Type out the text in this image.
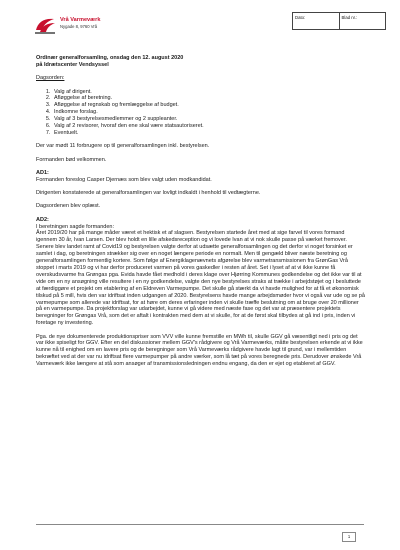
Vrå Varmeværk
Nygade 8, 9760 Vrå
Dato:	Blad nr.:
Ordinær generalforsamling, onsdag den 12. august 2020
på Idrætscenter Vendsyssel
Dagsorden:
1. Valg af dirigent.
2. Afløggelse af beretning.
3. Afløggelse af regnskab og fremlæggelse af budget.
4. Indkomne forslag.
5. Valg af 3 bestyrelsesmedlemmer og 2 suppleanter.
6. Valg af 2 revisorer, hvoraf den ene skal være statsautoriseret.
7. Eventuelt.

Der var mødt 11 forbrugere op til generalforsamlingen inkl. bestyrelsen.

Formanden bød velkommen.

AD1:

Formanden foreslog Casper Djernæs som blev valgt uden modkandidat.

Dirigenten konstaterede at generalforsamlingen var lovligt indkaldt i henhold til vedtægterne.

Dagsordenen blev oplæst.

AD2:

I beretningen sagde formanden:

Året 2019/20 har på mange måder været et hektisk et af slagsen. Bestyrelsen startede året med at sige farvel til vores formand igennem 30 år, Ivan Larsen. Der blev holdt en lille afskedsreception og vi lovede Ivan at vi nok skulle passe på værket fremover. Senere blev landet ramt af Covid19 og bestyrelsen valgte derfor at udsætte generalforsamlingen og det derfor vi noget forsinket er samlet i dag, og beretningen strækker sig over en noget længere periode en normalt. Men til gengæld bliver næste beretning og generalforsamlingen formentlig kortere. Som følge af Energiklagenævnets afgørelse blev varmetransmissionen fra GrønGas Vrå stoppet i marts 2019 og vi har derfor produceret varmen på vores gaskedler i resten af året. Set i lyset af at vi ikke kunne få overskudsvarme fra Grøngas pga. Evida havde fået medhold i deres klage over Hjørring Kommunes godkendelse og det ikke var til at vide om en ny ansøgning ville resultere i en ny godkendelse, valgte den nye bestyrelses straks at trække i arbejdstøjet og i besluttede at færdiggøre et projekt om etablering af en Eldreven Varmepumpe. Det skulle gå stærkt da vi havde mulighed for at få et økonomisk tilskud på 5 mill, hvis den var idriftsat inden udgangen af 2020. Bestyrelsens havde mange arbejdsmøder hvor vi også var ude og se på varmepumpe som allerede var idriftsat, for at høre om deres erfaringer inden vi skulle træffe beslutning om at bruge over 20 millioner på en varmepumpe. Da projektforslag var udarbejdet, kunne vi gå videre med næste fase og det var at præsentere projektets beregninger for Grøngas Vrå, som det er aftalt i kontrakten med dem at vi skulle, for at de først skal tilbydes at gå ind i pris, inden vi foretage ny investering.

Pga. de nye dokumenterede produktionspriser som VVV ville kunne fremstille en MWh til, skulle GGV gå væsentligt ned i pris og det var ikke spiseligt for GGV. Efter en del diskussioner mellem GGV's rådgivere og Vrå Varmeværks, måtte bestyrelsen erkende at vi ikke kunne nå til enighed om en lavere pris og de beregninger som Vrå Varmeværks rådgivere havde lagt til grund, var i mellemtiden bekræftet ved at der var nu idriftsat flere varmepumper på andre værker, som lå tæt på vores beregnede pris. Derudover ønskede Vrå Varmeværk ikke længere at stå som ansøger af transmissionsledningen endnu engang, da den er ejet og etableret af GGV.

1
